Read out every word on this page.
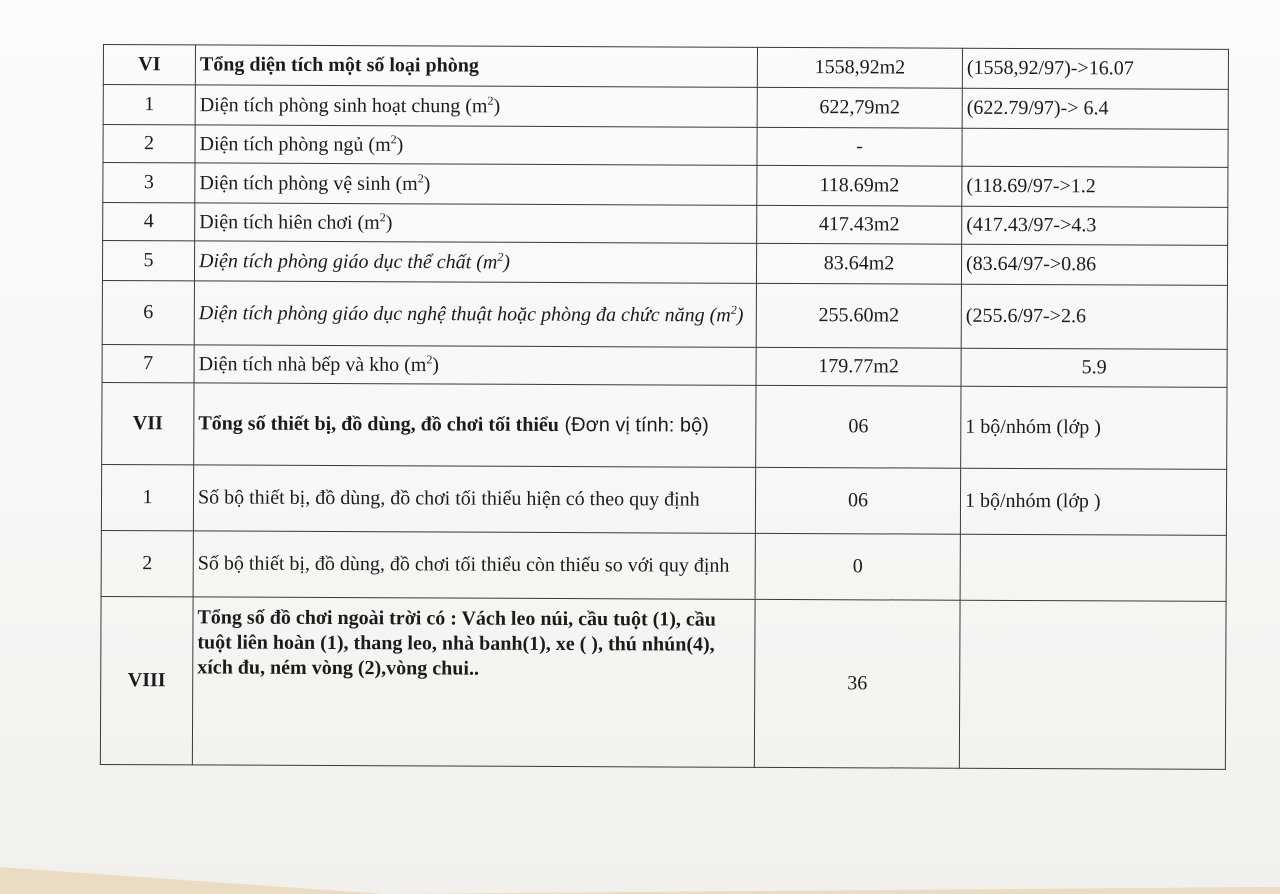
VI	Tổng diện tích một số loại phòng	1558,92m2	(1558,92/97)->16.07
1	Diện tích phòng sinh hoạt chung $(m^2)$	622,79m2	(622.79/97)-> 6.4
2	Diện tích phòng ngủ $(m^2)$	-	
3	Diện tích phòng vệ $\sinh (m^2)$	118.69m2	(118.69/97->1.2
4	Diện tích hiên chơi $(m^2)$	417.43m2	(417.43/97->4.3
5	Diện tích phòng giáo dục thể chất $(m^2)$	83.64m2	(83.64/97->0.86
6	Diện tích phòng giáo dục nghệ thuật hoặc phòng đa chức năng $(m^2)$	255.60m2	(255.6/97->2.6
7	Diện tích nhà bếp và kho $(m^2)$	179.77m2	5.9
VII	Tổng số thiết bị, đồ dùng, đồ chơi tối thiểu (Đơn vị tính: bộ)	06	1 bộ/nhóm (lớp )
1	Số bộ thiết bị, đồ dùng, đồ chơi tối thiểu hiện có theo quy định	06	1 bộ/nhóm (lớp )
2	Số bộ thiết bị, đồ dùng, đồ chơi tối thiểu còn thiếu so với quy định	0	
VIII	Tổng số đồ chơi ngoài trời có : Vách leo núi, cầu tuột (1), cầu tuột liên hoàn (1), thang leo, nhà banh(1), xe ( ), thú nhún(4), xích đu, ném vòng (2),vòng chui..	36	
